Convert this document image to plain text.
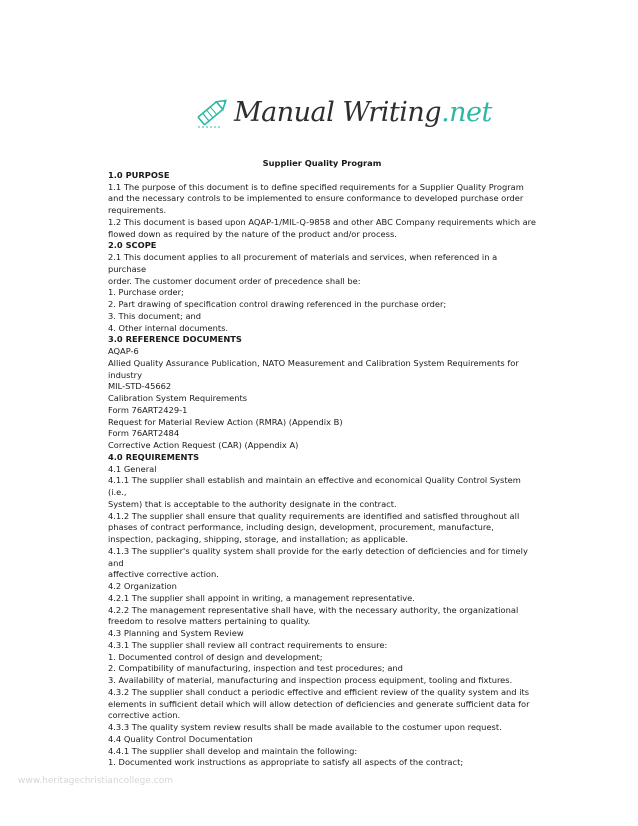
Manual Writing.net
Supplier Quality Program
1.0 PURPOSE
1.1 The purpose of this document is to define specified requirements for a Supplier Quality Program
and the necessary controls to be implemented to ensure conformance to developed purchase order
requirements.
1.2 This document is based upon AQAP-1/MIL-Q-9858 and other ABC Company requirements which are
flowed down as required by the nature of the product and/or process.
2.0 SCOPE
2.1 This document applies to all procurement of materials and services, when referenced in a purchase
order. The customer document order of precedence shall be:
1. Purchase order;
2. Part drawing of specification control drawing referenced in the purchase order;
3. This document; and
4. Other internal documents.
3.0 REFERENCE DOCUMENTS
AQAP-6
Allied Quality Assurance Publication, NATO Measurement and Calibration System Requirements for
industry
MIL-STD-45662
Calibration System Requirements
Form 76ART2429-1
Request for Material Review Action (RMRA) (Appendix B)
Form 76ART2484
Corrective Action Request (CAR) (Appendix A)
4.0 REQUIREMENTS
4.1 General
4.1.1 The supplier shall establish and maintain an effective and economical Quality Control System (i.e.,
System) that is acceptable to the authority designate in the contract.
4.1.2 The supplier shall ensure that quality requirements are identified and satisfied throughout all
phases of contract performance, including design, development, procurement, manufacture,
inspection, packaging, shipping, storage, and installation; as applicable.
4.1.3 The supplier's quality system shall provide for the early detection of deficiencies and for timely and
affective corrective action.
4.2 Organization
4.2.1 The supplier shall appoint in writing, a management representative.
4.2.2 The management representative shall have, with the necessary authority, the organizational
freedom to resolve matters pertaining to quality.
4.3 Planning and System Review
4.3.1 The supplier shall review all contract requirements to ensure:
1. Documented control of design and development;
2. Compatibility of manufacturing, inspection and test procedures; and
3. Availability of material, manufacturing and inspection process equipment, tooling and fixtures.
4.3.2 The supplier shall conduct a periodic effective and efficient review of the quality system and its
elements in sufficient detail which will allow detection of deficiencies and generate sufficient data for
corrective action.
4.3.3 The quality system review results shall be made available to the costumer upon request.
4.4 Quality Control Documentation
4.4.1 The supplier shall develop and maintain the following:
1. Documented work instructions as appropriate to satisfy all aspects of the contract;
www.heritagechristiancollege.com
